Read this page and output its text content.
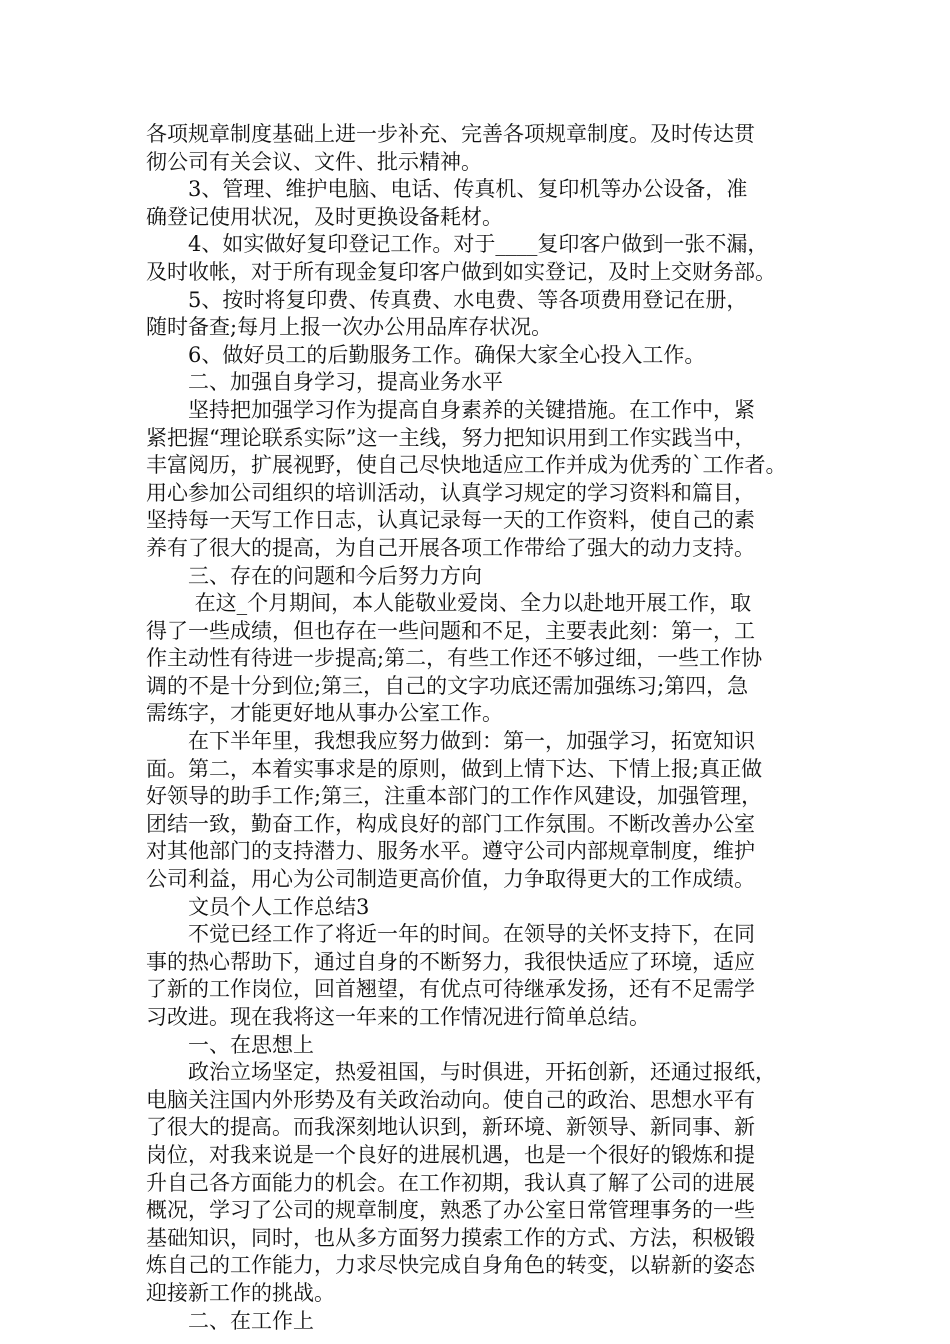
各项规章制度基础上进一步补充、完善各项规章制度。及时传达贯
彻公司有关会议、文件、批示精神。
　　3、管理、维护电脑、电话、传真机、复印机等办公设备，准
确登记使用状况，及时更换设备耗材。
　　4、如实做好复印登记工作。对于____复印客户做到一张不漏，
及时收帐，对于所有现金复印客户做到如实登记，及时上交财务部。
　　5、按时将复印费、传真费、水电费、等各项费用登记在册，
随时备查;每月上报一次办公用品库存状况。
　　6、做好员工的后勤服务工作。确保大家全心投入工作。
　　二、加强自身学习，提高业务水平
　　坚持把加强学习作为提高自身素养的关键措施。在工作中，紧
紧把握“理论联系实际”这一主线，努力把知识用到工作实践当中，
丰富阅历，扩展视野，使自己尽快地适应工作并成为优秀的`工作者。
用心参加公司组织的培训活动，认真学习规定的学习资料和篇目，
坚持每一天写工作日志，认真记录每一天的工作资料，使自己的素
养有了很大的提高，为自己开展各项工作带给了强大的动力支持。
　　三、存在的问题和今后努力方向
　　 在这_个月期间，本人能敬业爱岗、全力以赴地开展工作，取
得了一些成绩，但也存在一些问题和不足，主要表此刻：第一，工
作主动性有待进一步提高;第二，有些工作还不够过细，一些工作协
调的不是十分到位;第三，自己的文字功底还需加强练习;第四，急
需练字，才能更好地从事办公室工作。
　　在下半年里，我想我应努力做到：第一，加强学习，拓宽知识
面。第二，本着实事求是的原则，做到上情下达、下情上报;真正做
好领导的助手工作;第三，注重本部门的工作作风建设，加强管理，
团结一致，勤奋工作，构成良好的部门工作氛围。不断改善办公室
对其他部门的支持潜力、服务水平。遵守公司内部规章制度，维护
公司利益，用心为公司制造更高价值，力争取得更大的工作成绩。
　　文员个人工作总结3
　　不觉已经工作了将近一年的时间。在领导的关怀支持下，在同
事的热心帮助下，通过自身的不断努力，我很快适应了环境，适应
了新的工作岗位，回首翘望，有优点可待继承发扬，还有不足需学
习改进。现在我将这一年来的工作情况进行简单总结。
　　一、在思想上
　　政治立场坚定，热爱祖国，与时俱进，开拓创新，还通过报纸，
电脑关注国内外形势及有关政治动向。使自己的政治、思想水平有
了很大的提高。而我深刻地认识到，新环境、新领导、新同事、新
岗位，对我来说是一个良好的进展机遇，也是一个很好的锻炼和提
升自己各方面能力的机会。在工作初期，我认真了解了公司的进展
概况，学习了公司的规章制度，熟悉了办公室日常管理事务的一些
基础知识，同时，也从多方面努力摸索工作的方式、方法，积极锻
炼自己的工作能力，力求尽快完成自身角色的转变，以崭新的姿态
迎接新工作的挑战。
　　二、在工作上
